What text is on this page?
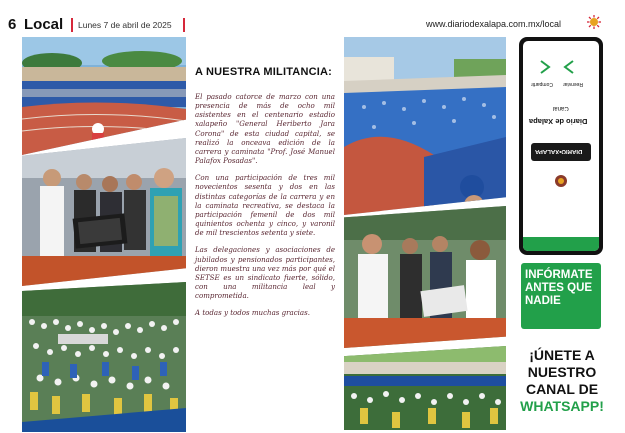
6 Local Lunes 7 de abril de 2025	www.diariodexalapa.com.mx/local
A NUESTRA MILITANCIA:

El pasado catorce de marzo con una presencia de más de ocho mil asistentes en el centenario estadio xalapeño "General Heriberto Jara Corona" de esta ciudad capital, se realizó la onceava edición de la carrera y caminata "Prof. José Manuel Palafox Posadas".

Con una participación de tres mil novecientos sesenta y dos en las distintas categorías de la carrera y en la caminata recreativa, se destaca la participación femenil de dos mil quinientos ochenta y cinco, y varonil de mil trescientos setenta y siete.

Las delegaciones y asociaciones de jubilados y pensionados participantes, dieron muestra una vez más por qué el SETSE es un sindicato fuerte, sólido, con una militancia leal y comprometida.

A todas y todos muchas gracias.

Compartir Reenviar
Canal
Diario de Xalapa
DIARIO•XALAPA
INFÓRMATE ANTES QUE NADIE
¡ÚNETE A
NUESTRO
CANAL DE
WHATSAPP!
